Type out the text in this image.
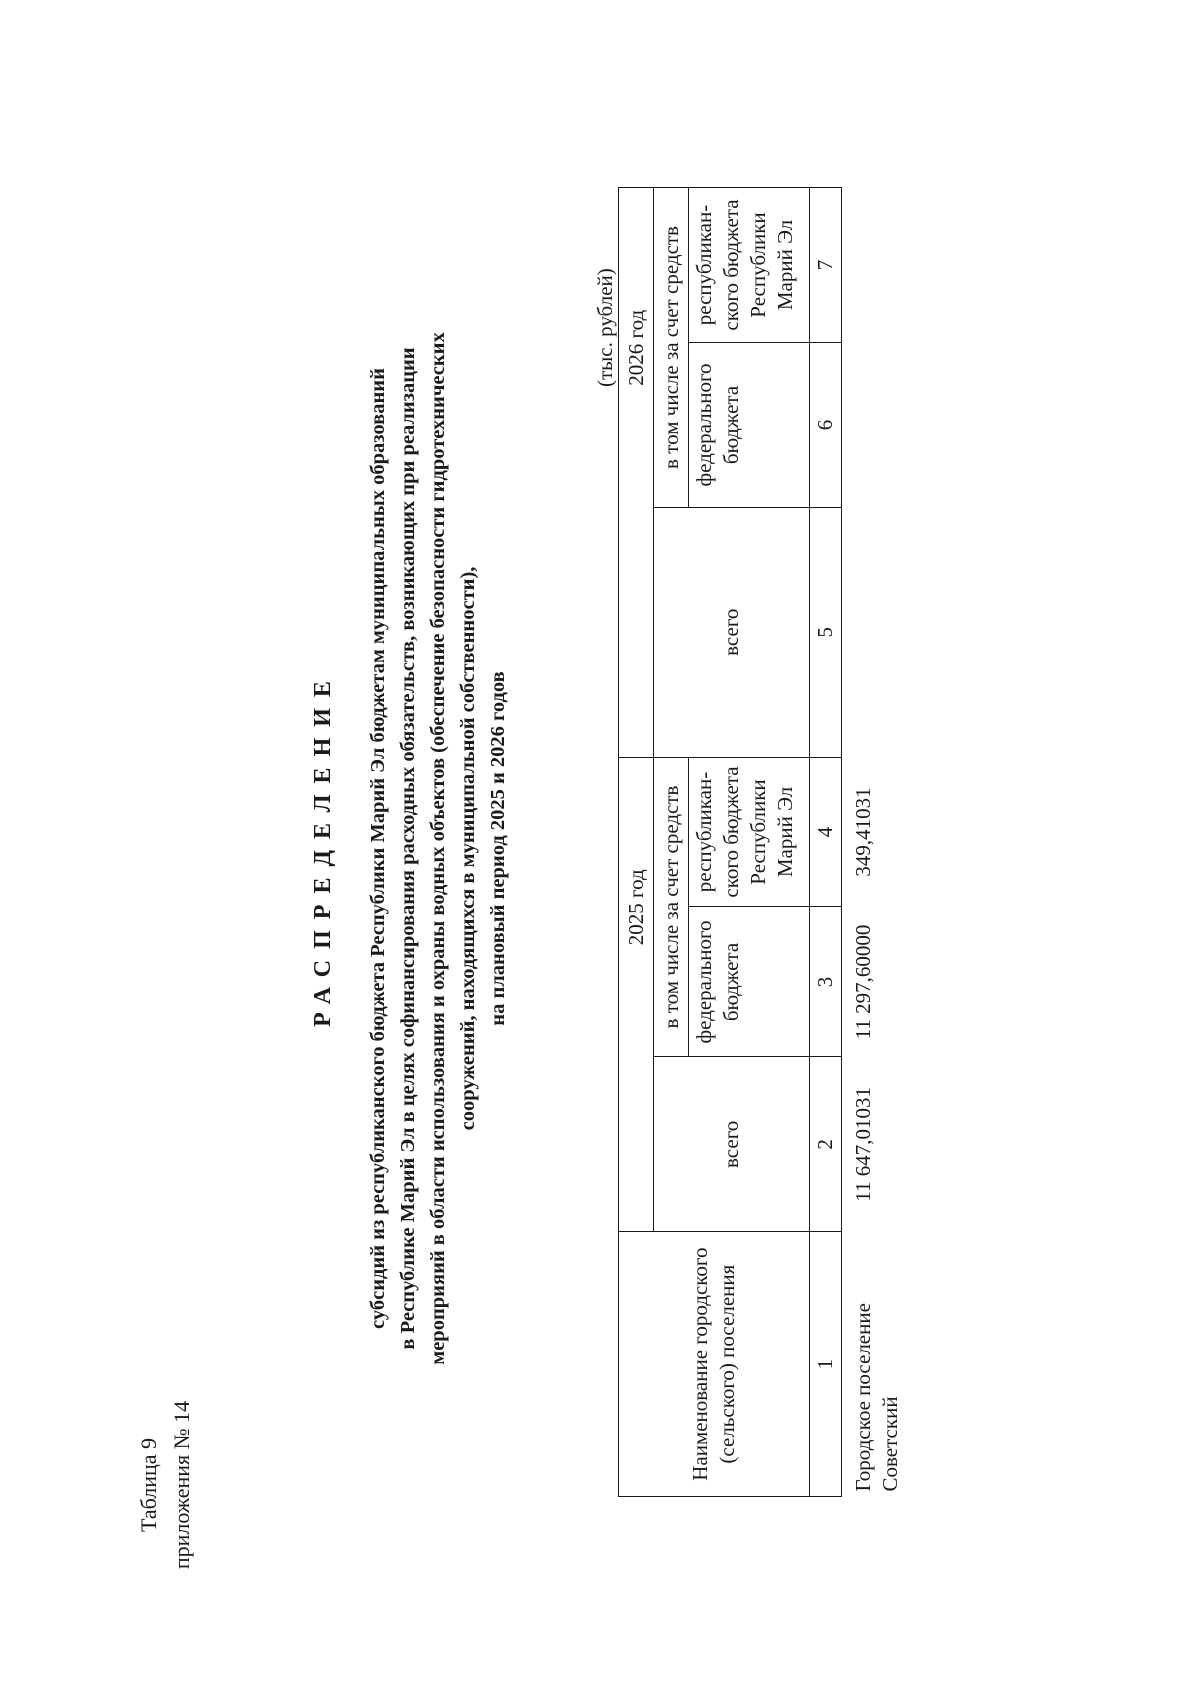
Таблица 9 приложения № 14
РАСПРЕДЕЛЕНИЕ субсидий из республиканского бюджета Республики Марий Эл бюджетам муниципальных образований в Республике Марий Эл в целях софинансирования расходных обязательств, возникающих при реализации мероприяий в области использования и охраны водных объектов (обеспечение безопасности гидротехнических сооружений, находящихся в муниципальной собственности), на плановый период 2025 и 2026 годов
(тыс. рублей)
Наименование городского (сельского) поселения		2025 год			2026 год	
	всего	в том числе за счет средств		всего	в том числе за счет средств	
		федерального бюджета	республикан-ского бюджета Республики Марий Эл		федерального бюджета	республикан-ского бюджета Республики Марий Эл
1	2	3	4	5	6	7
Городское поселение Советский	11 647,01031	11 297,60000	349,41031			
